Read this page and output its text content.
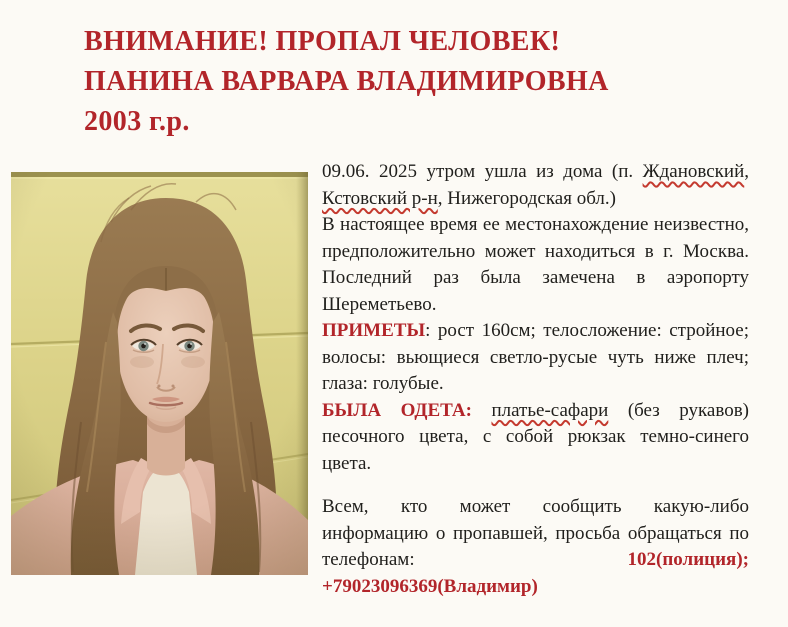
ВНИМАНИЕ! ПРОПАЛ ЧЕЛОВЕК!
ПАНИНА ВАРВАРА ВЛАДИМИРОВНА
2003 г.р.

09.06. 2025 утром ушла из дома (п. Ждановский, Кстовский р-н, Нижегородская обл.)

В настоящее время ее местонахождение неизвестно, предположительно может находиться в г. Москва. Последний раз была замечена в аэропорту Шереметьево.

ПРИМЕТЫ: рост 160см; телосложение: стройное; волосы: вьющиеся светло-русые чуть ниже плеч; глаза: голубые.

БЫЛА ОДЕТА: платье-сафари (без рукавов) песочного цвета, с собой рюкзак темно-синего цвета.

Всем, кто может сообщить какую-либо информацию о пропавшей, просьба обращаться по телефонам: 102(полиция); +79023096369(Владимир)
